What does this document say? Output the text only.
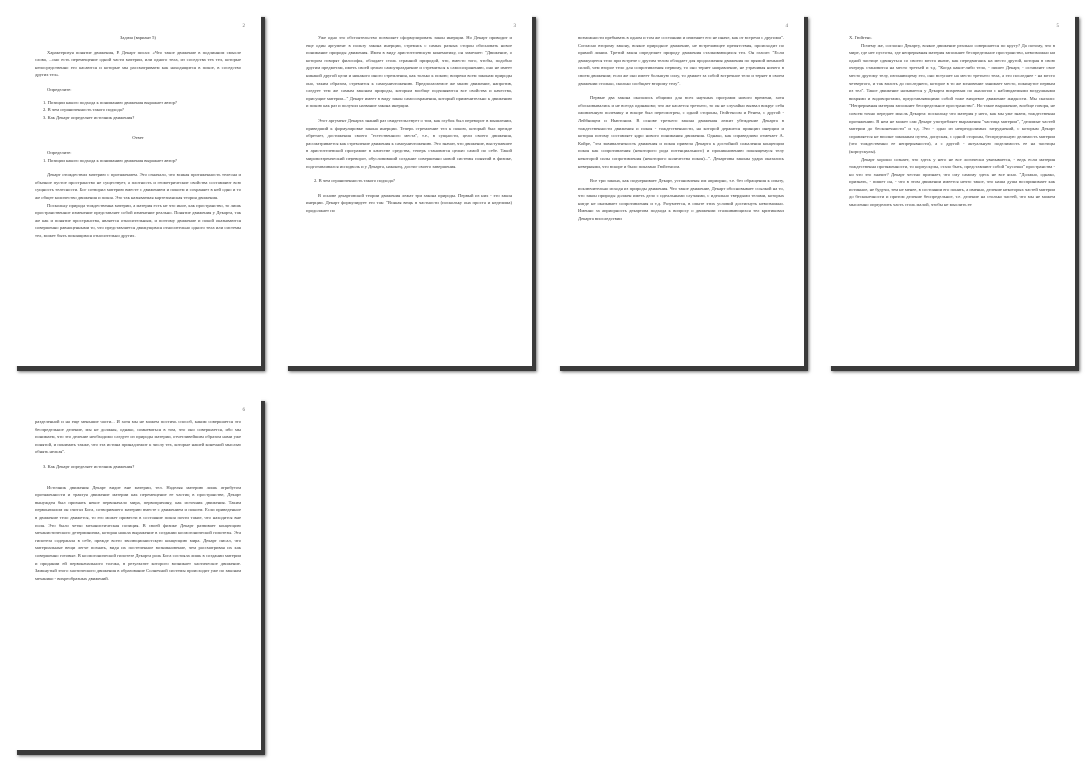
2

Задача (вариант 5)

Характеризуя понятие движения, Р. Декарт писал: «Что такое движение в подлинном смысле слова, ...оно есть перемещение одной части материи, или одного тела, из соседства тех тел, которые непосредственно его касаются и которые мы рассматриваем как находящиеся в покое, в соседство других тел».

Определите:

1. Позиции какого подхода к пониманию движения выражает автор?

2. В чем ограниченность такого подхода?

3. Как Декарт определяет источник движения?

Ответ

Определите:

1. Позиции какого подхода к пониманию движения выражает автор?

Декарт отождествил материю с протяжением. Это означало, что всякая протяженность телесна и обычное пустое пространство не существует, а плотность и геометрические свойства составляют всю сущность телесности. Бог сотворил материю вместе с движением и покоем и сохраняет в ней одно и то же общее количество движения и покоя. Это так называемая картезианская теория движения.

Поскольку природа тождественна материи, а материя есть не что иное, как пространство, то лишь пространственное изменение представляет собой изменение реально. Понятие движения у Декарта, так же как и понятие пространства, является относительным, и поэтому движение и покой оказываются совершенно равноценными то, что представляется движущимся относительно одного тела или системы тел, может быть покоящимся относительно других.

3

Уже одно это обстоятельство позволяет сформулировать закон инерции. Но Декарт приводит и еще один аргумент в пользу закона инерции, стремясь с самых разных сторон обосновать новое понимание природы движения. Имея в виду аристотелевскую кинематику, он замечает: "Движение, о котором говорят философы, обладает столь странной природой, что, вместо того, чтобы, подобно другим предметам, иметь своей целью самоупразднение и стремиться к самосохранению, оно не имеет никакой другой цели и никакого иного стремления, как только к покою; вопреки всем законам природы оно, таким образом, стремится к самоуничтожению. Предполагаемое же мною движение, напротив, следует тем же самым законам природы, которым вообще подчиняются все свойства и качества, присущие материи..." Декарт имеет в виду закон самосохранения, который применительно к движению и покою как раз и получил название закона инерции.

Этот аргумент Декарта знаний раз свидетельствует о том, как глубок был переворот в мышлении, приведший к формулировке закона инерции. Теперь стремление тел к покою, который был прежде обретает, достижения своего "естественного места", т.е., в сущности, цели своего движения, рассматривается как стремление движения к самоуничтожению. Это значит, что движение, выступавшее в аристотелевской программе в качестве средства, теперь становится целью самой по себе. Такой мировоззренческий переворот, обусловивший создание совершенно новой системы понятий в физике, подготавливался исподволь и у Декарта, наконец, достиг своего завершения.

2. В чем ограниченность такого подхода?

В основе декартовской теории движения лежат три закона природы. Первый из них - это закон инерции. Декарт формулирует его так: "Всякая вещь в частности (поскольку она проста и неделима) продолжает по

4

возможности пребывать в одном и том же состоянии и изменяет его не иначе, как от встречи с другими". Согласно второму закону, всякое природное движение, не встречающее препятствия, происходит по прямой линии. Третий закон определяет природу движения сталкивающихся тел. Он гласит: "Если движущееся тело при встрече с другим телом обладает для продолжения движения по прямой меньшей силой, чем второе тело для сопротивления первому, то оно теряет направление, не утрачивая ничего в своем движении; если же оно имеет большую силу, то движет за собой встречное тело и теряет в своем движении столько, сколько сообщает второму телу".

Первые два закона оказались общими для всех научных программ нового времени, хотя обосновывались и не всегда одинаково; что же касается третьего, то он не случайно вызвал вокруг себя оживленную полемику и вскоре был пересмотрен, с одной стороны, Гюйгенсом и Ренем, с другой - Лейбницем и Ньютоном. В основе третьего закона движения лежит убеждение Декарта в тождественности движения и покоя - тождественности, на которой держится принцип инерции и которая потому составляет ядро нового понимания движения. Однако, как справедливо отмечает А. Койре, "эта эквивалентность движения и покоя привела Декарта к достойной сожаления концепции покоя как сопротивления (некоторого рода потенциального) и проникновению покоящемуся телу некоторой силы сопротивления (некоторого количества покоя)...". Декартовы законы удара оказались неверными, что вскоре и было показано Гюйгенсом.

Все три закона, как подчеркивает Декарт, установлены им априорно, т.е. без обращения к опыту, исключительно исходя из природы движения. Что такое движение, Декарт обосновывает ссылкой на то, что закон природы должен иметь дело с идеальными случаями, с идеально твердыми телами, которых нигде не оказывает сопротивления и т.д. Разумеется, в опыте этих условий достигнуть невозможно. Именно за априорность декартова подхода к вопросу о движении сталкивающихся тел критиковал Декарта впоследствии

5

Х. Гюйгенс.

Почему же, согласно Декарту, всякое движение реально совершается по кругу? Да потому, что в мире, где нет пустоты, где непрерывная материя заполняет беспредельное пространство, невозможно ни одной частице сдвинуться со своего места иначе, как передвигаясь на место другой, которая в свою очередь становится на место третьей и т.д. "Когда какое-либо тело, - пишет Декарт, - оставляет свое место другому телу, изгоняющему его, оно вступает на место третьего тела, а это последнее - на место четвертого, и так вплоть до последнего, которое в то же мгновение занимает место, покинутое первым из тел". Такое движение называется у Декарта вихревым по аналогии с наблюдаемыми воздушными вихрями и водоворотами, представляющими собой тоже вихревое движение жидкости. Мы сказали: "Непрерывная материя заполняет беспредельное пространство". Но такое выражение, вообще говоря, не совсем точно передает мысль Декарта: поскольку что материя у него, как мы уже знаем, тождественна протяжению. В нем не может сам Декарт употребляет выражения "частица материи", "делимые частей материи до бесконечности" и т.д. Это - одно из непреодолимых затруднений, с которым Декарт справляется не вполне законным путем, допуская, с одной стороны, беспредельную делимость материи (что тождественно ее непрерывности), а с другой - актуальную поделимость ее на частицы (корпускулы).

Декарт хорошо сознает, что здесь у него не все логически увязывается, - ведь если материя тождественна протяженности, то корпускулы, стало быть, представляют собой "кусочки" пространства - но что это значит? Декарт честно признает, что сму самому здесь не все ясно. "Должно, однако, признать, - пишет он, - что в этом движении имеется нечто такое, что наша душа воспринимает как истинное, не будучи, тем не менее, в состоянии его понять, а именно, деление некоторых частей материи до бесконечности и притом деление беспредельное, т.е. деление на столько частей, что мы не можем мысленно определить часть столь малой, чтобы не мыслить ее

6

разделенной и на еще меньшие части... И хотя мы не можем постичь способ, каким совершается это беспредельное деление, мы не должны, однако, сомневаться в том, что оно совершается, ибо мы понимаем, что это деление необходимо следует из природы материи, отчетливейшим образом нами уже понятой, и понимать также, что эта истина принадлежит к числу тех, которые нашей конечной мыслью обнять нельзя".

3. Как Декарт определяет источник движения?

Источник движения Декарт видит вне материи, тел. Наделяя материю лишь атрибутом протяженности и трактуя движение материи как перемещение ее частиц в пространстве, Декарт вынужден был признать некое первоначало мира, первопричину, как источник движения. Таким первоначалом он считал Бога, сотворившего материю вместе с движением и покоем. Если приведенное в движение тело движется, то его может привести в состояние покоя почти такие, что находится вне поля. Это было четко механистическая позиция. В своей физике Декарт развивает концепцию механистического детерминизма, которая нашла выражение в создании космогонической гипотезы. Эта гипотеза содержала в себе, прежде всего эволюционистскую концепцию мира. Декарт писал, что материальные вещи легче познать, видя их постепенное возникновение, чем рассматривая их как совершенно готовые. В космогонической гипотезе Декарта роль Бога состояла лишь в создании материи и придании ей первоначального толчка, в результате которого возникает хаотическое движение. Замкнутый этого хаотического движения в образование Солнечной системы происходит уже по законам механико - вихреобразных движений.
